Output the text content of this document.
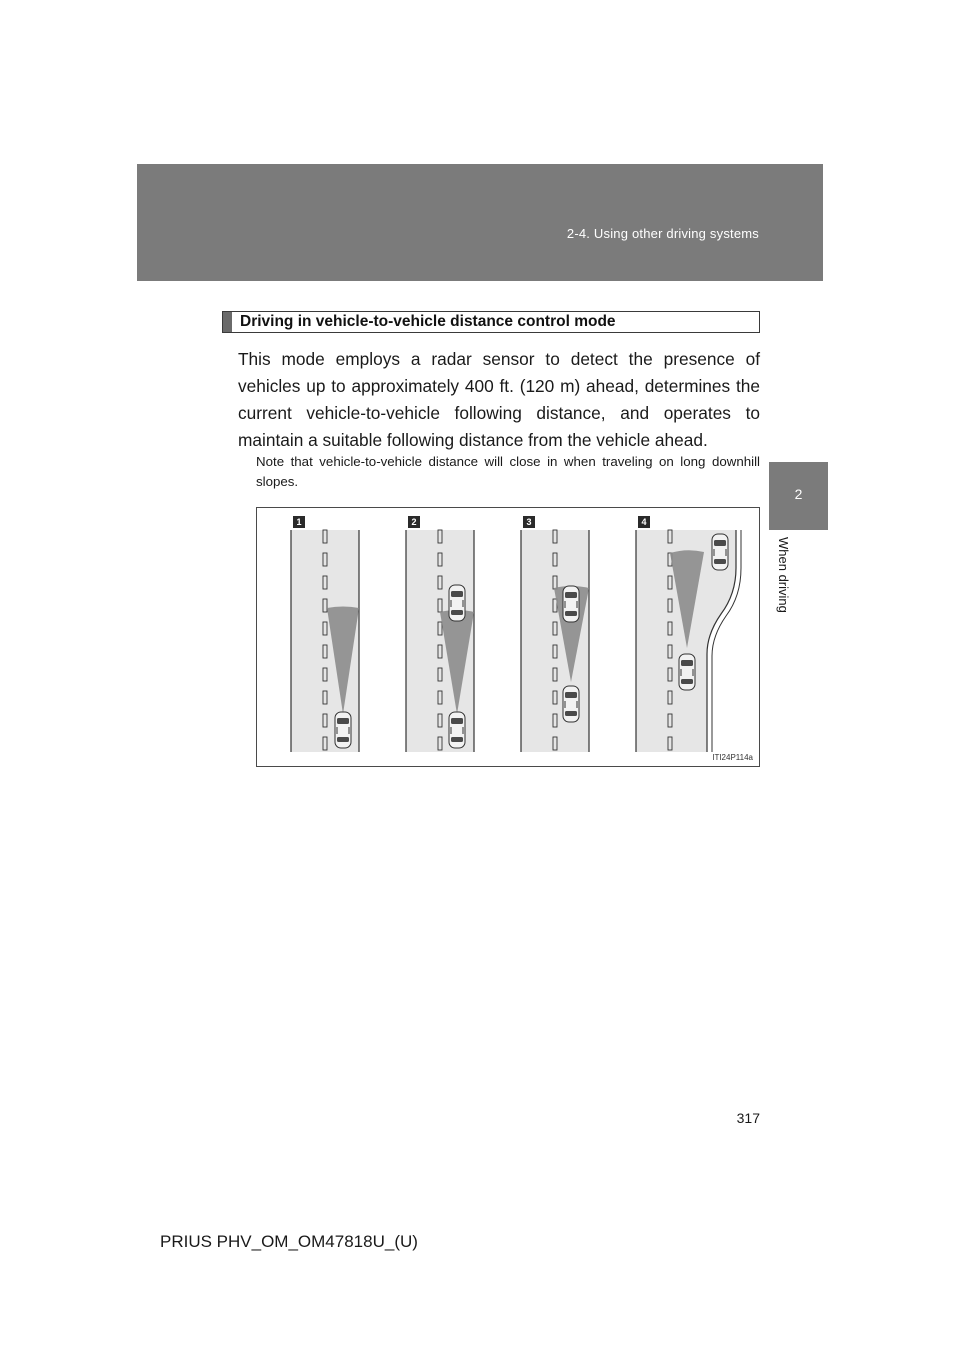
2-4. Using other driving systems
2
When driving
Driving in vehicle-to-vehicle distance control mode

This mode employs a radar sensor to detect the presence of vehicles up to approximately 400 ft. (120 m) ahead, determines the current vehicle-to-vehicle following distance, and operates to maintain a suitable following distance from the vehicle ahead.

Note that vehicle-to-vehicle distance will close in when traveling on long downhill slopes.

1	2	3	4
ITI24P114a
317
PRIUS PHV_OM_OM47818U_(U)
